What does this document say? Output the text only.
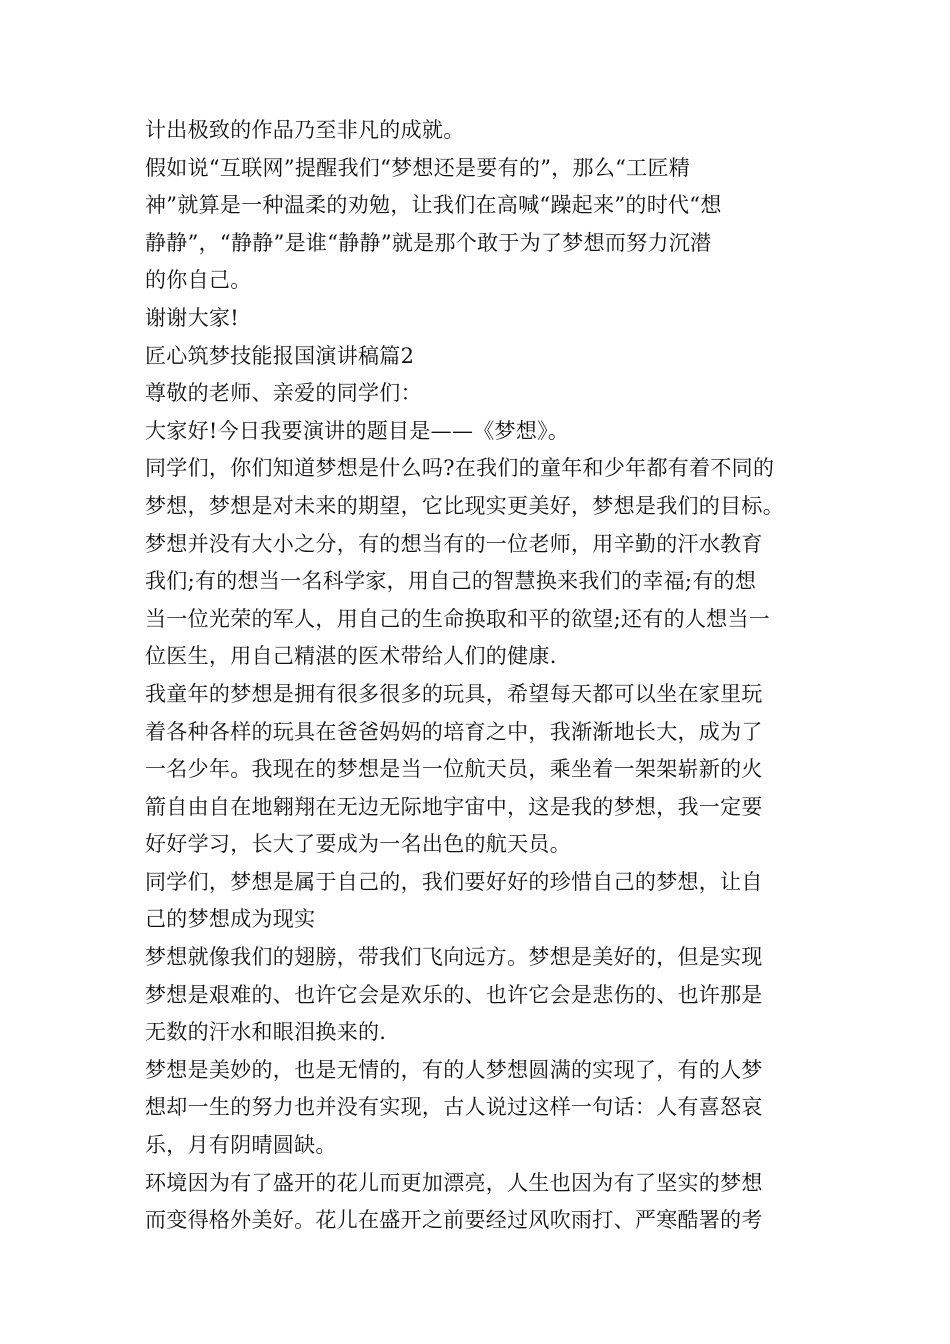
计出极致的作品乃至非凡的成就。
假如说“互联网”提醒我们“梦想还是要有的”，那么“工匠精
神”就算是一种温柔的劝勉，让我们在高喊“躁起来”的时代“想
静静”，“静静”是谁“静静”就是那个敢于为了梦想而努力沉潜
的你自己。
谢谢大家!
匠心筑梦技能报国演讲稿篇2
尊敬的老师、亲爱的同学们：
大家好!今日我要演讲的题目是——《梦想》。
同学们，你们知道梦想是什么吗?在我们的童年和少年都有着不同的
梦想，梦想是对未来的期望，它比现实更美好，梦想是我们的目标。
梦想并没有大小之分，有的想当有的一位老师，用辛勤的汗水教育
我们;有的想当一名科学家，用自己的智慧换来我们的幸福;有的想
当一位光荣的军人，用自己的生命换取和平的欲望;还有的人想当一
位医生，用自己精湛的医术带给人们的健康.
我童年的梦想是拥有很多很多的玩具，希望每天都可以坐在家里玩
着各种各样的玩具在爸爸妈妈的培育之中，我渐渐地长大，成为了
一名少年。我现在的梦想是当一位航天员，乘坐着一架架崭新的火
箭自由自在地翱翔在无边无际地宇宙中，这是我的梦想，我一定要
好好学习，长大了要成为一名出色的航天员。
同学们，梦想是属于自己的，我们要好好的珍惜自己的梦想，让自
己的梦想成为现实
梦想就像我们的翅膀，带我们飞向远方。梦想是美好的，但是实现
梦想是艰难的、也许它会是欢乐的、也许它会是悲伤的、也许那是
无数的汗水和眼泪换来的.
梦想是美妙的，也是无情的，有的人梦想圆满的实现了，有的人梦
想却一生的努力也并没有实现，古人说过这样一句话：人有喜怒哀
乐，月有阴晴圆缺。
环境因为有了盛开的花儿而更加漂亮，人生也因为有了坚实的梦想
而变得格外美好。花儿在盛开之前要经过风吹雨打、严寒酷署的考
